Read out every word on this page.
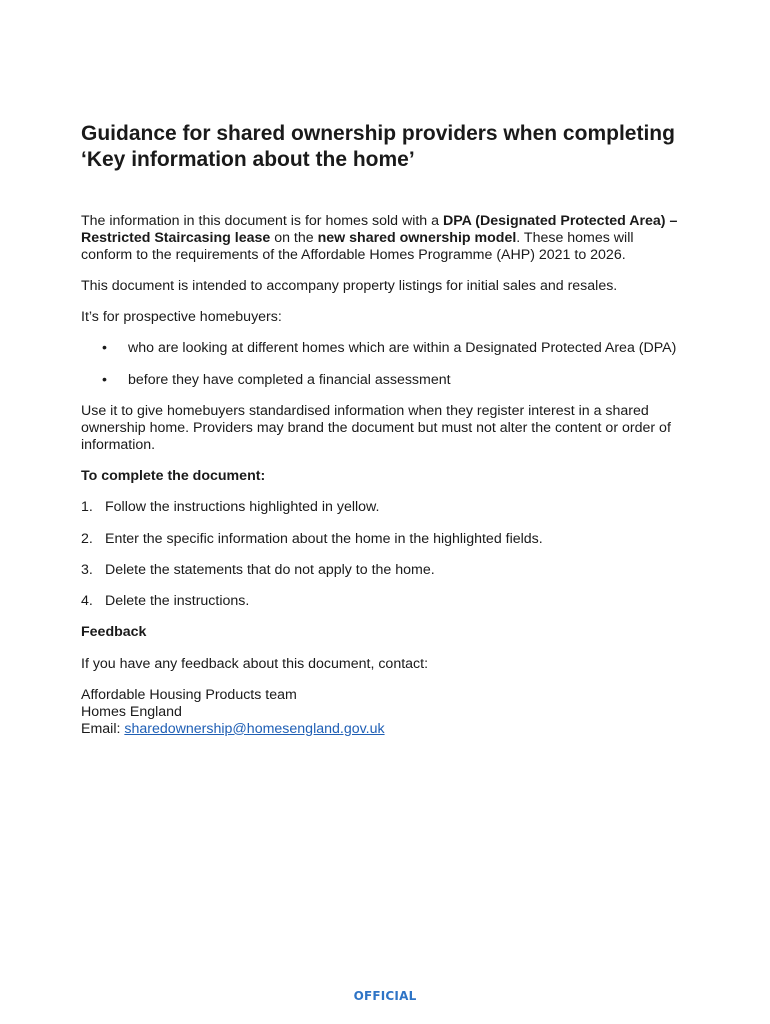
Guidance for shared ownership providers when completing ‘Key information about the home’

The information in this document is for homes sold with a DPA (Designated Protected Area) – Restricted Staircasing lease on the new shared ownership model. These homes will conform to the requirements of the Affordable Homes Programme (AHP) 2021 to 2026.

This document is intended to accompany property listings for initial sales and resales.

It’s for prospective homebuyers:

• who are looking at different homes which are within a Designated Protected Area (DPA)
• before they have completed a financial assessment

Use it to give homebuyers standardised information when they register interest in a shared ownership home. Providers may brand the document but must not alter the content or order of information.

To complete the document:

1. Follow the instructions highlighted in yellow.
2. Enter the specific information about the home in the highlighted fields.
3. Delete the statements that do not apply to the home.
4. Delete the instructions.

Feedback

If you have any feedback about this document, contact:

Affordable Housing Products team
Homes England
Email: sharedownership@homesengland.gov.uk

OFFICIAL
